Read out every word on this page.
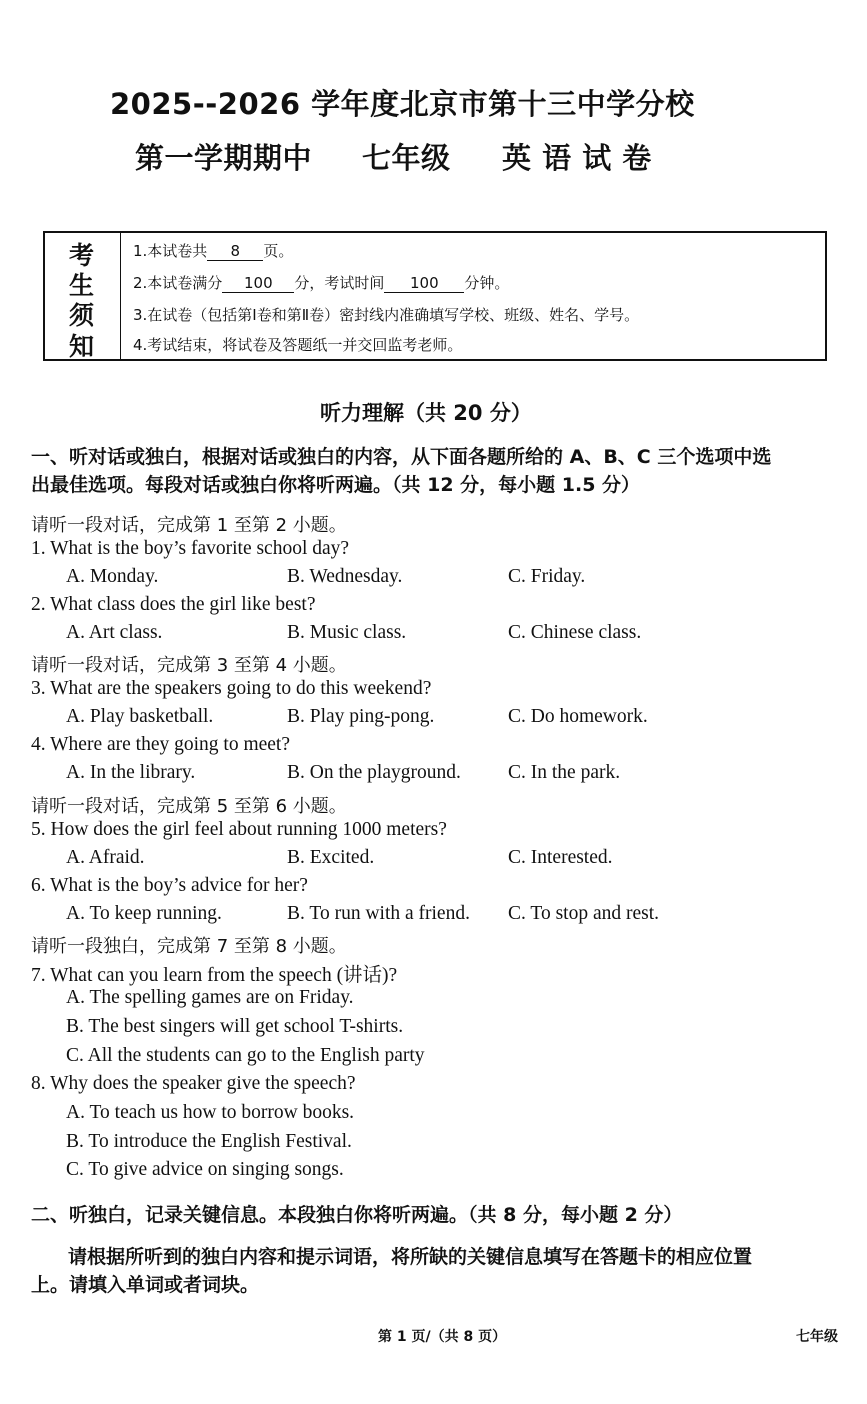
2025--2026 学年度北京市第十三中学分校
第一学期期中 七年级 英 语 试 卷
考
生
须
知
1.本试卷共 8 页。
2.本试卷满分 100 分，考试时间 100 分钟。
3.在试卷（包括第Ⅰ卷和第Ⅱ卷）密封线内准确填写学校、班级、姓名、学号。
4.考试结束，将试卷及答题纸一并交回监考老师。
听力理解（共 20 分）
一、听对话或独白，根据对话或独白的内容，从下面各题所给的 A、B、C 三个选项中选
出最佳选项。每段对话或独白你将听两遍。（共 12 分，每小题 1.5 分）
请听一段对话，完成第 1 至第 2 小题。
1. What is the boy’s favorite school day?
A. Monday.	B. Wednesday.	C. Friday.
2. What class does the girl like best?
A. Art class.	B. Music class.	C. Chinese class.
请听一段对话，完成第 3 至第 4 小题。
3. What are the speakers going to do this weekend?
A. Play basketball.	B. Play ping-pong.	C. Do homework.
4. Where are they going to meet?
A. In the library.	B. On the playground. C. In the park.
请听一段对话，完成第 5 至第 6 小题。
5. How does the girl feel about running 1000 meters?
A. Afraid.	B. Excited.	C. Interested.
6. What is the boy’s advice for her?
A. To keep running.	B. To run with a friend. C. To stop and rest.
请听一段独白，完成第 7 至第 8 小题。
7. What can you learn from the speech (讲话)?
A. The spelling games are on Friday.
B. The best singers will get school T-shirts.
C. All the students can go to the English party
8. Why does the speaker give the speech?
A. To teach us how to borrow books.
B. To introduce the English Festival.
C. To give advice on singing songs.
二、听独白，记录关键信息。本段独白你将听两遍。（共 8 分，每小题 2 分）
请根据所听到的独白内容和提示词语，将所缺的关键信息填写在答题卡的相应位置
上。请填入单词或者词块。
第 1 页/（共 8 页）	七年级
